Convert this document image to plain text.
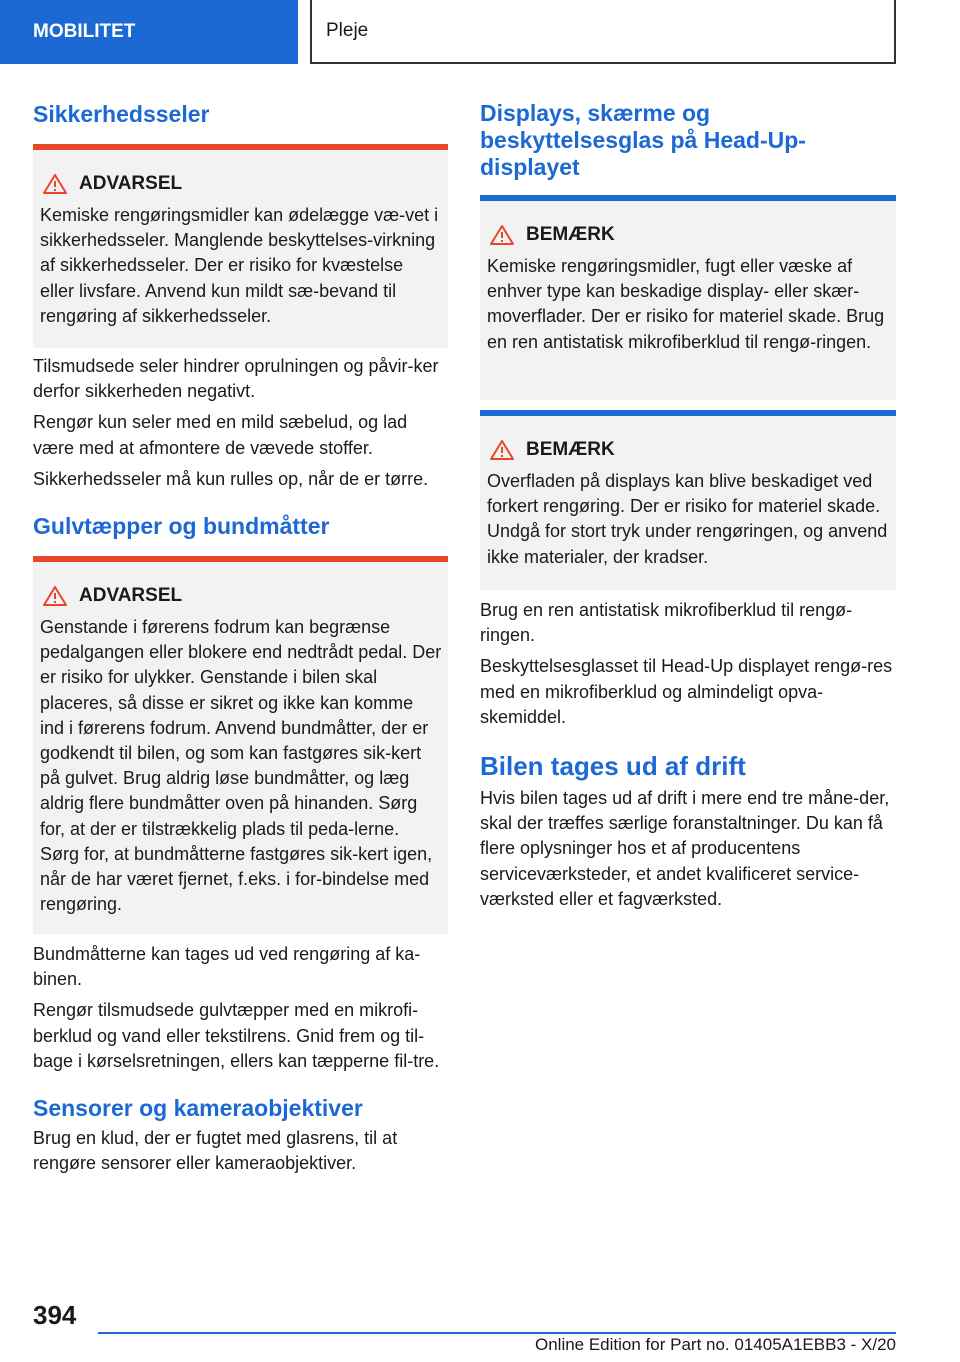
MOBILITET	Pleje
Sikkerhedsseler
ADVARSEL
Kemiske rengøringsmidler kan ødelægge væ-vet i sikkerhedsseler. Manglende beskyttelses-virkning af sikkerhedsseler. Der er risiko for kvæstelse eller livsfare. Anvend kun mildt sæ-bevand til rengøring af sikkerhedsseler.

Tilsmudsede seler hindrer oprulningen og påvir-ker derfor sikkerheden negativt.

Rengør kun seler med en mild sæbelud, og lad være med at afmontere de vævede stoffer.

Sikkerhedsseler må kun rulles op, når de er tørre.

Gulvtæpper og bundmåtter
ADVARSEL
Genstande i førerens fodrum kan begrænse pedalgangen eller blokere end nedtrådt pedal. Der er risiko for ulykker. Genstande i bilen skal placeres, så disse er sikret og ikke kan komme ind i førerens fodrum. Anvend bundmåtter, der er godkendt til bilen, og som kan fastgøres sik-kert på gulvet. Brug aldrig løse bundmåtter, og læg aldrig flere bundmåtter oven på hinanden. Sørg for, at der er tilstrækkelig plads til peda-lerne. Sørg for, at bundmåtterne fastgøres sik-kert igen, når de har været fjernet, f.eks. i for-bindelse med rengøring.

Bundmåtterne kan tages ud ved rengøring af ka-binen.

Rengør tilsmudsede gulvtæpper med en mikrofi-berklud og vand eller tekstilrens. Gnid frem og til-bage i kørselsretningen, ellers kan tæpperne fil-tre.

Sensorer og kameraobjektiver

Brug en klud, der er fugtet med glasrens, til at rengøre sensorer eller kameraobjektiver.

Displays, skærme og beskyttelsesglas på Head-Up-displayet
BEMÆRK
Kemiske rengøringsmidler, fugt eller væske af enhver type kan beskadige display- eller skær-moverflader. Der er risiko for materiel skade. Brug en ren antistatisk mikrofiberklud til rengø-ringen.
BEMÆRK
Overfladen på displays kan blive beskadiget ved forkert rengøring. Der er risiko for materiel skade. Undgå for stort tryk under rengøringen, og anvend ikke materialer, der kradser.

Brug en ren antistatisk mikrofiberklud til rengø-ringen.

Beskyttelsesglasset til Head-Up displayet rengø-res med en mikrofiberklud og almindeligt opva-skemiddel.

Bilen tages ud af drift

Hvis bilen tages ud af drift i mere end tre måne-der, skal der træffes særlige foranstaltninger. Du kan få flere oplysninger hos et af producentens serviceværksteder, et andet kvalificeret service-værksted eller et fagværksted.

394
Online Edition for Part no. 01405A1EBB3 - X/20
